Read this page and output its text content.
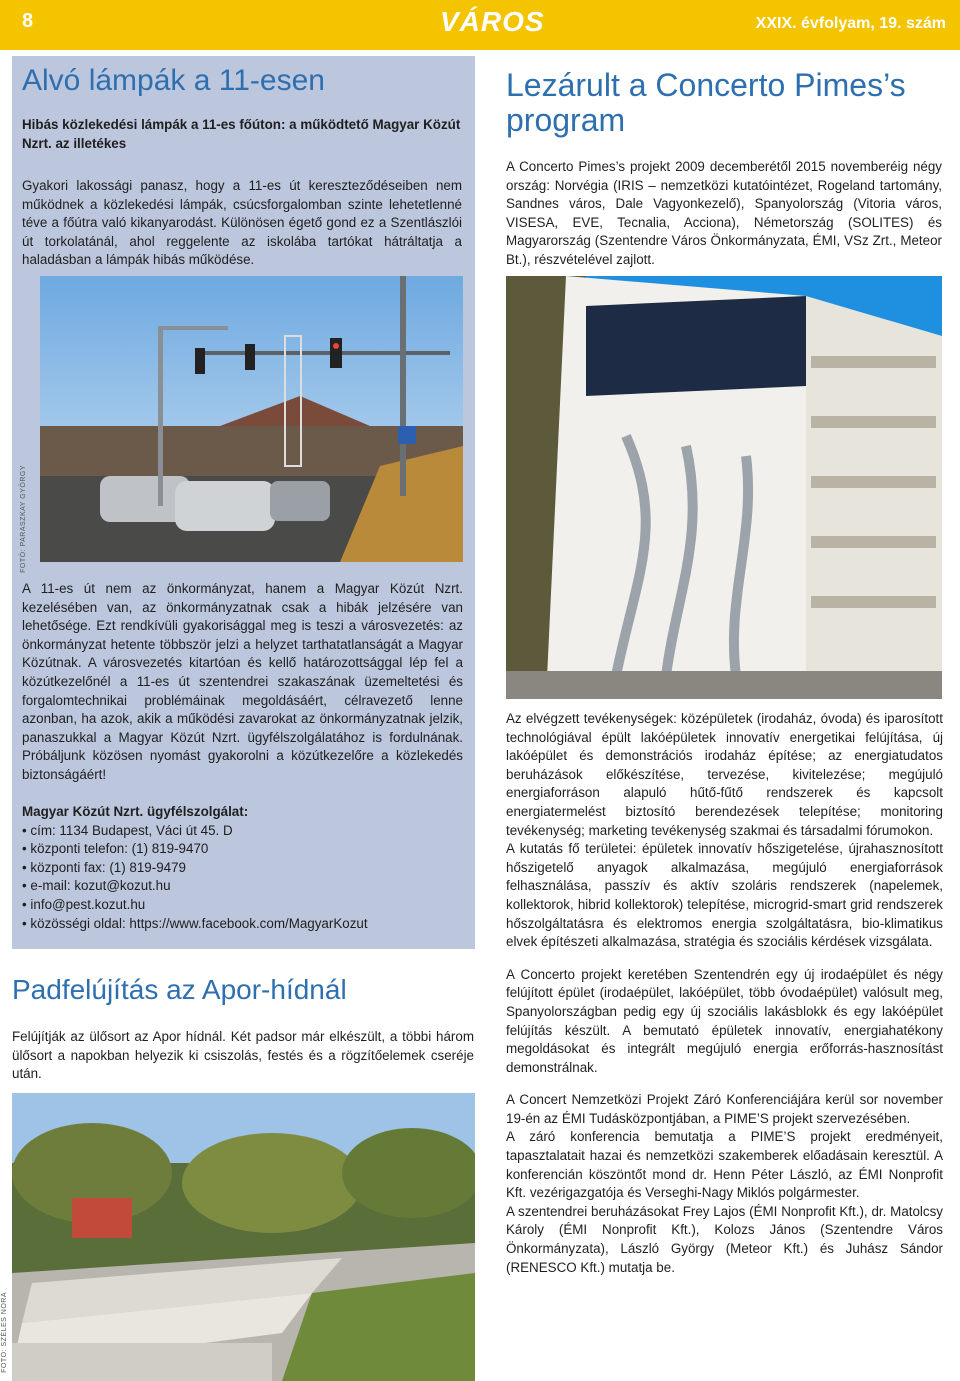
8	VÁROS	XXIX. évfolyam, 19. szám
Alvó lámpák a 11-esen
Hibás közlekedési lámpák a 11-es főúton: a működtető Magyar Közút Nzrt. az illetékes
Gyakori lakossági panasz, hogy a 11-es út kereszteződéseiben nem működnek a közlekedési lámpák, csúcsforgalomban szinte lehetetlenné téve a főútra való kikanyarodást. Különösen égető gond ez a Szentlászlói út torkolatánál, ahol reggelente az iskolába tartókat hátráltatja a haladásban a lámpák hibás működése.
FOTÓ: PARASZKAY GYÖRGY
A 11-es út nem az önkormányzat, hanem a Magyar Közút Nzrt. kezelésében van, az önkormányzatnak csak a hibák jelzésére van lehetősége. Ezt rendkívüli gyakorisággal meg is teszi a városvezetés: az önkormányzat hetente többször jelzi a helyzet tarthatatlanságát a Magyar Közútnak. A városvezetés kitartóan és kellő határozottsággal lép fel a közútkezelőnél a 11-es út szentendrei szakaszának üzemeltetési és forgalomtechnikai problémáinak megoldásáért, célravezető lenne azonban, ha azok, akik a működési zavarokat az önkormányzatnak jelzik, panaszukkal a Magyar Közút Nzrt. ügyfélszolgálatához is fordulnának. Próbáljunk közösen nyomást gyakorolni a közútkezelőre a közlekedés biztonságáért!

Magyar Közút Nzrt. ügyfélszolgálat:

• cím: 1134 Budapest, Váci út 45. D
• központi telefon: (1) 819-9470
• központi fax: (1) 819-9479
• e-mail: kozut@kozut.hu
• info@pest.kozut.hu
• közösségi oldal: https://www.facebook.com/MagyarKozut
Padfelújítás az Apor-hídnál
Felújítják az ülősort az Apor hídnál. Két padsor már elkészült, a többi három ülősort a napokban helyezik ki csiszolás, festés és a rögzítőelemek cseréje után.
FOTÓ: SZÉLES NÓRA
Lezárult a Concerto Pimes’s program
A Concerto Pimes’s projekt 2009 decemberétől 2015 novemberéig négy ország: Norvégia (IRIS – nemzetközi kutatóintézet, Rogeland tartomány, Sandnes város, Dale Vagyonkezelő), Spanyolország (Vitoria város, VISESA, EVE, Tecnalia, Acciona), Németország (SOLITES) és Magyarország (Szentendre Város Önkormányzata, ÉMI, VSz Zrt., Meteor Bt.), részvételével zajlott.

Az elvégzett tevékenységek: középületek (irodaház, óvoda) és iparosított technológiával épült lakóépületek innovatív energetikai felújítása, új lakóépület és demonstrációs irodaház építése; az energiatudatos beruházások előkészítése, tervezése, kivitelezése; megújuló energiaforráson alapuló hűtő-fűtő rendszerek és kapcsolt energiatermelést biztosító berendezések telepítése; monitoring tevékenység; marketing tevékenység szakmai és társadalmi fórumokon.

A kutatás fő területei: épületek innovatív hőszigetelése, újrahasznosított hőszigetelő anyagok alkalmazása, megújuló energiaforrások felhasználása, passzív és aktív szoláris rendszerek (napelemek, kollektorok, hibrid kollektorok) telepítése, microgrid-smart grid rendszerek hőszolgáltatásra és elektromos energia szolgáltatásra, bio-klimatikus elvek építészeti alkalmazása, stratégia és szociális kérdések vizsgálata.

A Concerto projekt keretében Szentendrén egy új irodaépület és négy felújított épület (irodaépület, lakóépület, több óvodaépület) valósult meg, Spanyolországban pedig egy új szociális lakásblokk és egy lakóépület felújítás készült. A bemutató épületek innovatív, energiahatékony megoldásokat és integrált megújuló energia erőforrás-hasznosítást demonstrálnak.

A Concert Nemzetközi Projekt Záró Konferenciájára kerül sor november 19-én az ÉMI Tudásközpontjában, a PIME’S projekt szervezésében.

A záró konferencia bemutatja a PIME’S projekt eredményeit, tapasztalatait hazai és nemzetközi szakemberek előadásain keresztül. A konferencián köszöntőt mond dr. Henn Péter László, az ÉMI Nonprofit Kft. vezérigazgatója és Verseghi-Nagy Miklós polgármester.

A szentendrei beruházásokat Frey Lajos (ÉMI Nonprofit Kft.), dr. Matolcsy Károly (ÉMI Nonprofit Kft.), Kolozs János (Szentendre Város Önkormányzata), László György (Meteor Kft.) és Juhász Sándor (RENESCO Kft.) mutatja be.
